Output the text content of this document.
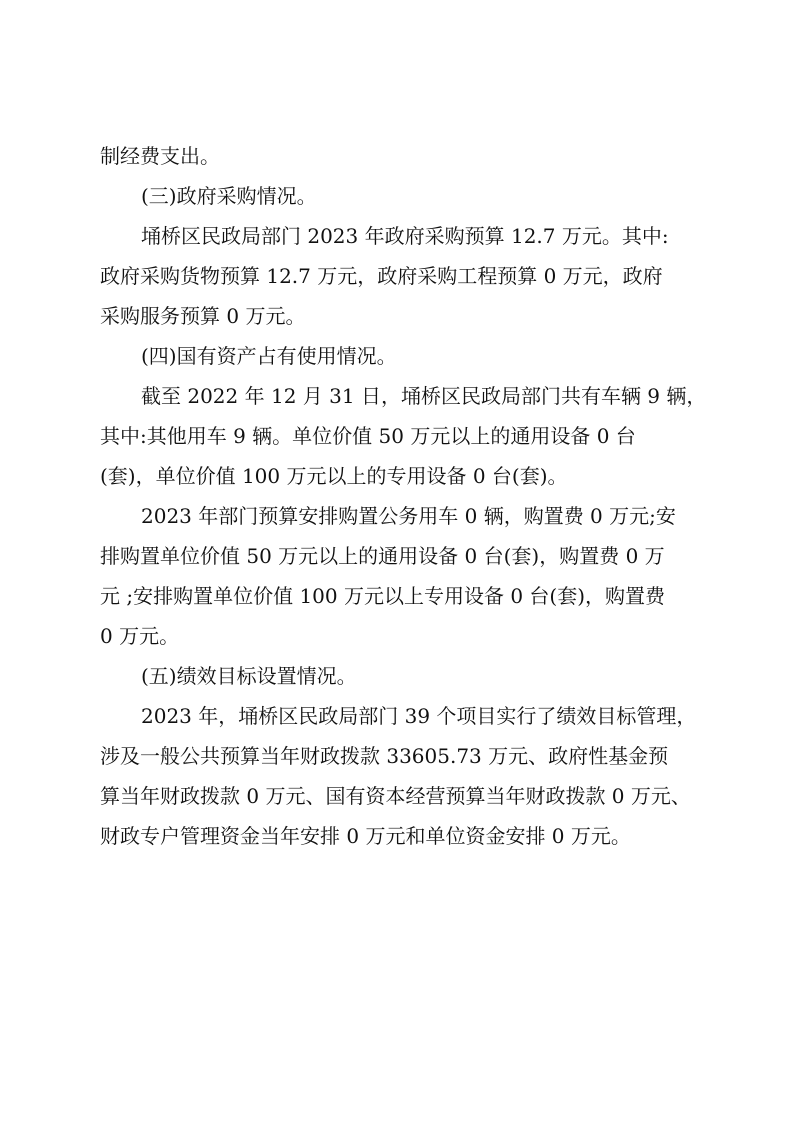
制经费支出。
(三)政府采购情况。
埇桥区民政局部门 2023 年政府采购预算 12.7 万元。其中:
政府采购货物预算 12.7 万元，政府采购工程预算 0 万元，政府
采购服务预算 0 万元。
(四)国有资产占有使用情况。
截至 2022 年 12 月 31 日，埇桥区民政局部门共有车辆 9 辆，
其中:其他用车 9 辆。单位价值 50 万元以上的通用设备 0 台
(套)，单位价值 100 万元以上的专用设备 0 台(套)。
2023 年部门预算安排购置公务用车 0 辆，购置费 0 万元;安
排购置单位价值 50 万元以上的通用设备 0 台(套)，购置费 0 万
元 ;安排购置单位价值 100 万元以上专用设备 0 台(套)，购置费
0 万元。
(五)绩效目标设置情况。
2023 年，埇桥区民政局部门 39 个项目实行了绩效目标管理，
涉及一般公共预算当年财政拨款 33605.73 万元、政府性基金预
算当年财政拨款 0 万元、国有资本经营预算当年财政拨款 0 万元、
财政专户管理资金当年安排 0 万元和单位资金安排 0 万元。
